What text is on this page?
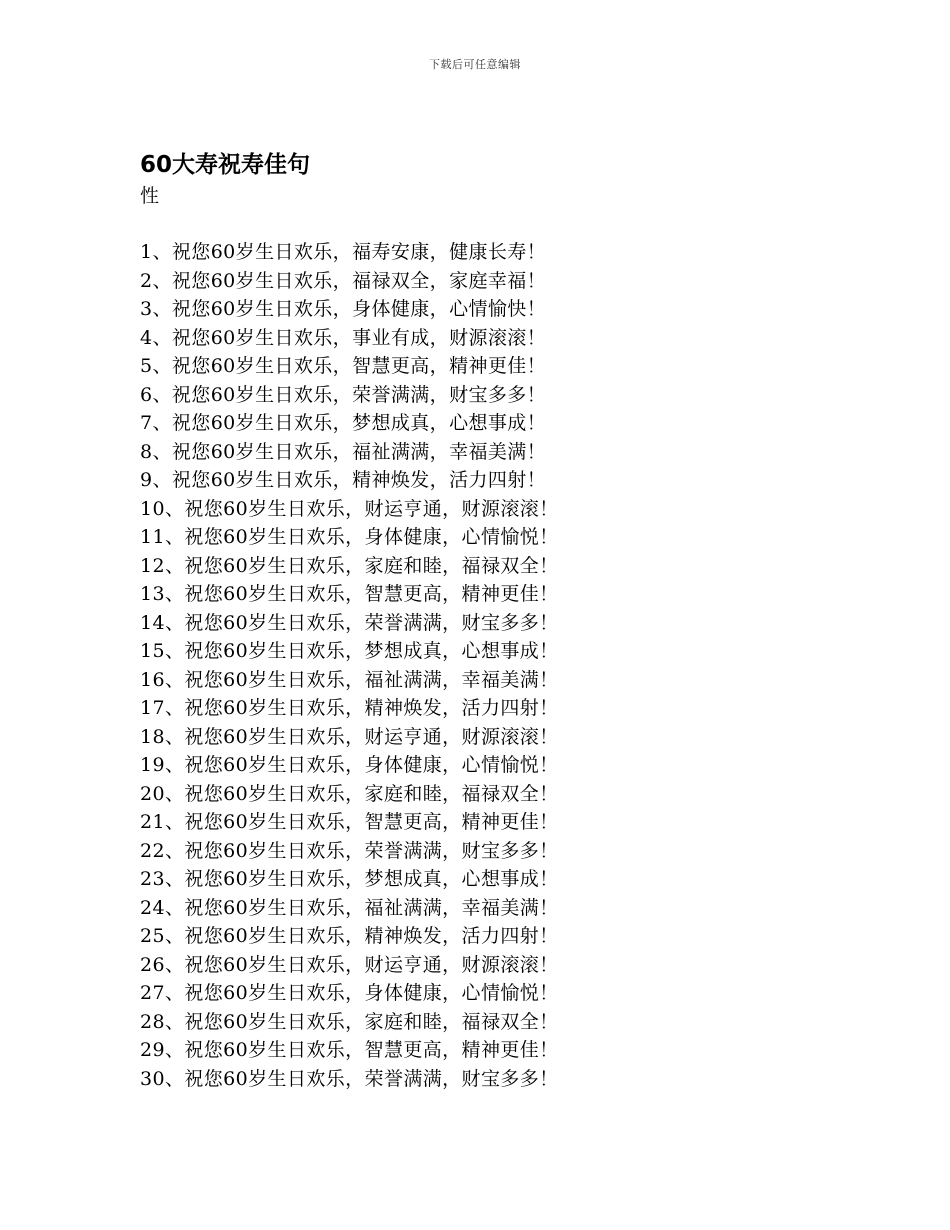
下载后可任意编辑
60大寿祝寿佳句
性
1、祝您60岁生日欢乐，福寿安康，健康长寿！
2、祝您60岁生日欢乐，福禄双全，家庭幸福！
3、祝您60岁生日欢乐，身体健康，心情愉快！
4、祝您60岁生日欢乐，事业有成，财源滚滚！
5、祝您60岁生日欢乐，智慧更高，精神更佳！
6、祝您60岁生日欢乐，荣誉满满，财宝多多！
7、祝您60岁生日欢乐，梦想成真，心想事成！
8、祝您60岁生日欢乐，福祉满满，幸福美满！
9、祝您60岁生日欢乐，精神焕发，活力四射！
10、祝您60岁生日欢乐，财运亨通，财源滚滚！
11、祝您60岁生日欢乐，身体健康，心情愉悦！
12、祝您60岁生日欢乐，家庭和睦，福禄双全！
13、祝您60岁生日欢乐，智慧更高，精神更佳！
14、祝您60岁生日欢乐，荣誉满满，财宝多多！
15、祝您60岁生日欢乐，梦想成真，心想事成！
16、祝您60岁生日欢乐，福祉满满，幸福美满！
17、祝您60岁生日欢乐，精神焕发，活力四射！
18、祝您60岁生日欢乐，财运亨通，财源滚滚！
19、祝您60岁生日欢乐，身体健康，心情愉悦！
20、祝您60岁生日欢乐，家庭和睦，福禄双全！
21、祝您60岁生日欢乐，智慧更高，精神更佳！
22、祝您60岁生日欢乐，荣誉满满，财宝多多！
23、祝您60岁生日欢乐，梦想成真，心想事成！
24、祝您60岁生日欢乐，福祉满满，幸福美满！
25、祝您60岁生日欢乐，精神焕发，活力四射！
26、祝您60岁生日欢乐，财运亨通，财源滚滚！
27、祝您60岁生日欢乐，身体健康，心情愉悦！
28、祝您60岁生日欢乐，家庭和睦，福禄双全！
29、祝您60岁生日欢乐，智慧更高，精神更佳！
30、祝您60岁生日欢乐，荣誉满满，财宝多多！
